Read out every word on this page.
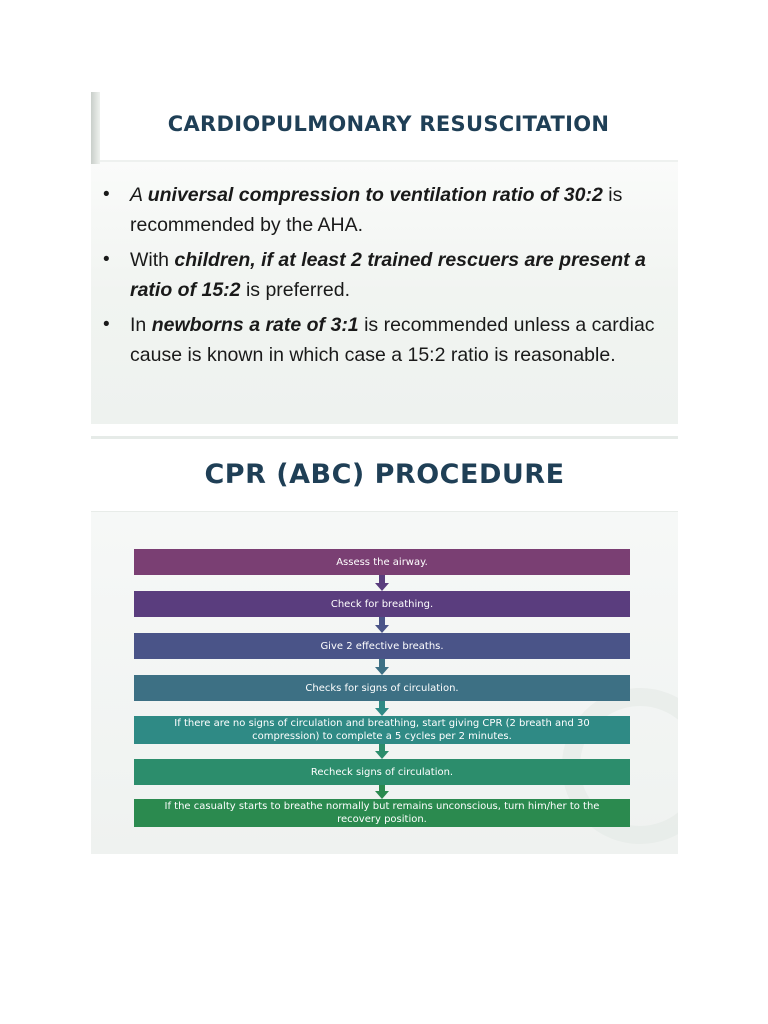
CARDIOPULMONARY RESUSCITATION
• A universal compression to ventilation ratio of 30:2 is recommended by the AHA.
• With children, if at least 2 trained rescuers are present a ratio of 15:2 is preferred.
• In newborns a rate of 3:1 is recommended unless a cardiac cause is known in which case a 15:2 ratio is reasonable.
CPR (ABC) PROCEDURE
Assess the airway.
Check for breathing.
Give 2 effective breaths.
Checks for signs of circulation.
If there are no signs of circulation and breathing, start giving CPR (2 breath and 30 compression) to complete a 5 cycles per 2 minutes.
Recheck signs of circulation.
If the casualty starts to breathe normally but remains unconscious, turn him/her to the recovery position.
